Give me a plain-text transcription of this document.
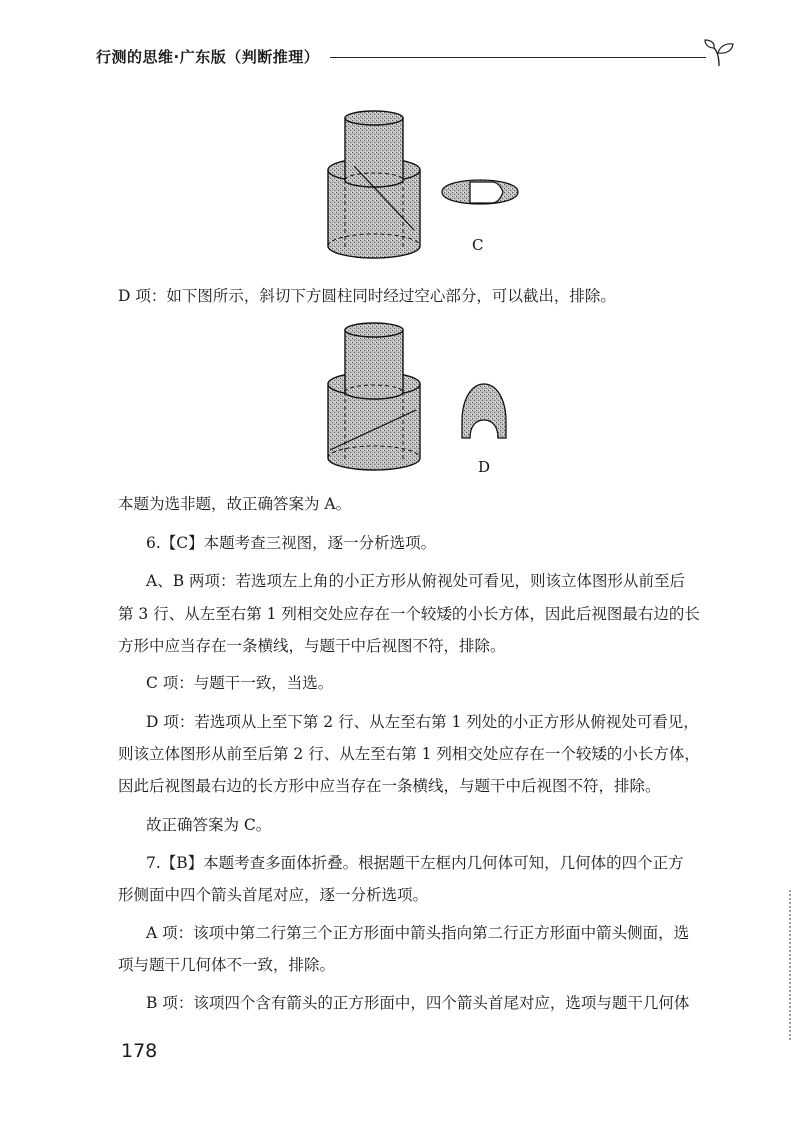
行测的思维·广东版（判断推理）
C
D 项：如下图所示，斜切下方圆柱同时经过空心部分，可以截出，排除。
D
本题为选非题，故正确答案为 A。
6.【C】本题考查三视图，逐一分析选项。
A、B 两项：若选项左上角的小正方形从俯视处可看见，则该立体图形从前至后
第 3 行、从左至右第 1 列相交处应存在一个较矮的小长方体，因此后视图最右边的长
方形中应当存在一条横线，与题干中后视图不符，排除。
C 项：与题干一致，当选。
D 项：若选项从上至下第 2 行、从左至右第 1 列处的小正方形从俯视处可看见，
则该立体图形从前至后第 2 行、从左至右第 1 列相交处应存在一个较矮的小长方体，
因此后视图最右边的长方形中应当存在一条横线，与题干中后视图不符，排除。
故正确答案为 C。
7.【B】本题考查多面体折叠。根据题干左框内几何体可知，几何体的四个正方
形侧面中四个箭头首尾对应，逐一分析选项。
A 项：该项中第二行第三个正方形面中箭头指向第二行正方形面中箭头侧面，选
项与题干几何体不一致，排除。
B 项：该项四个含有箭头的正方形面中，四个箭头首尾对应，选项与题干几何体
178
